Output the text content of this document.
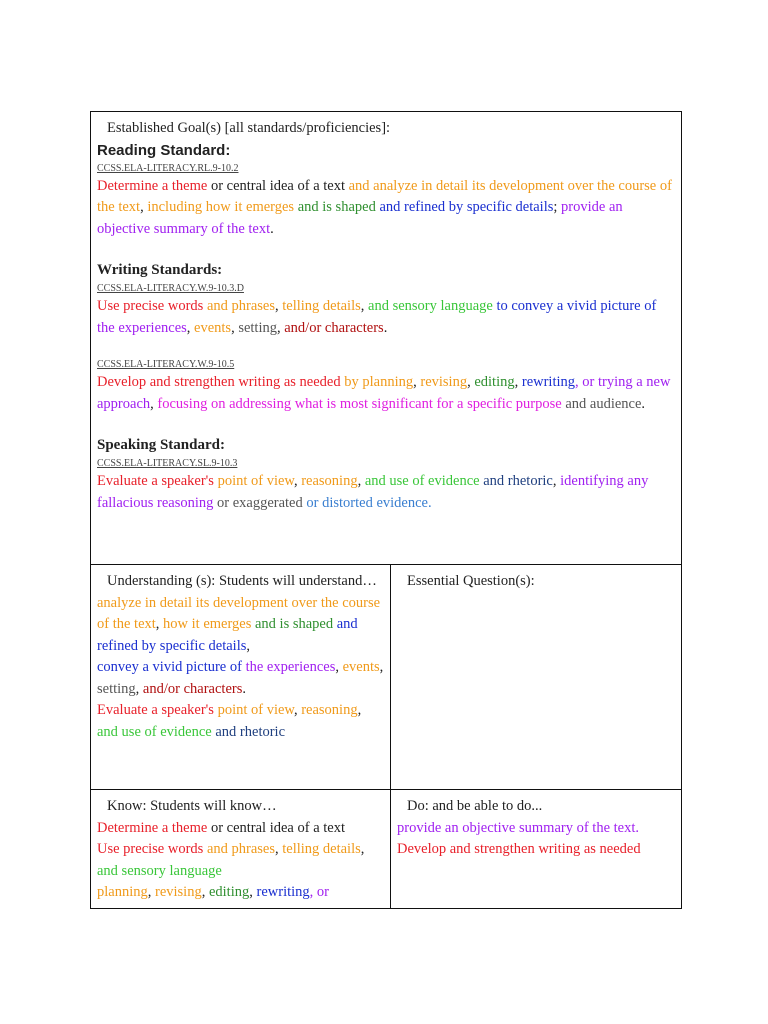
Established Goal(s) [all standards/proficiencies]:
Reading Standard:
CCSS.ELA-LITERACY.RL.9-10.2

Determine a theme or central idea of a text and analyze in detail its development over the course of the text, including how it emerges and is shaped and refined by specific details; provide an objective summary of the text.

Writing Standards:
CCSS.ELA-LITERACY.W.9-10.3.D

Use precise words and phrases, telling details, and sensory language to convey a vivid picture of the experiences, events, setting, and/or characters.

CCSS.ELA-LITERACY.W.9-10.5

Develop and strengthen writing as needed by planning, revising, editing, rewriting, or trying a new approach, focusing on addressing what is most significant for a specific purpose and audience.

Speaking Standard:
CCSS.ELA-LITERACY.SL.9-10.3

Evaluate a speaker's point of view, reasoning, and use of evidence and rhetoric, identifying any fallacious reasoning or exaggerated or distorted evidence.

Understanding (s): Students will understand…

analyze in detail its development over the course of the text, how it emerges and is shaped and refined by specific details,

convey a vivid picture of the experiences, events, setting, and/or characters.

Evaluate a speaker's point of view, reasoning, and use of evidence and rhetoric

Essential Question(s):
Know: Students will know…

Determine a theme or central idea of a text

Use precise words and phrases, telling details, and sensory language

planning, revising, editing, rewriting, or

Do: and be able to do...

provide an objective summary of the text.

Develop and strengthen writing as needed
